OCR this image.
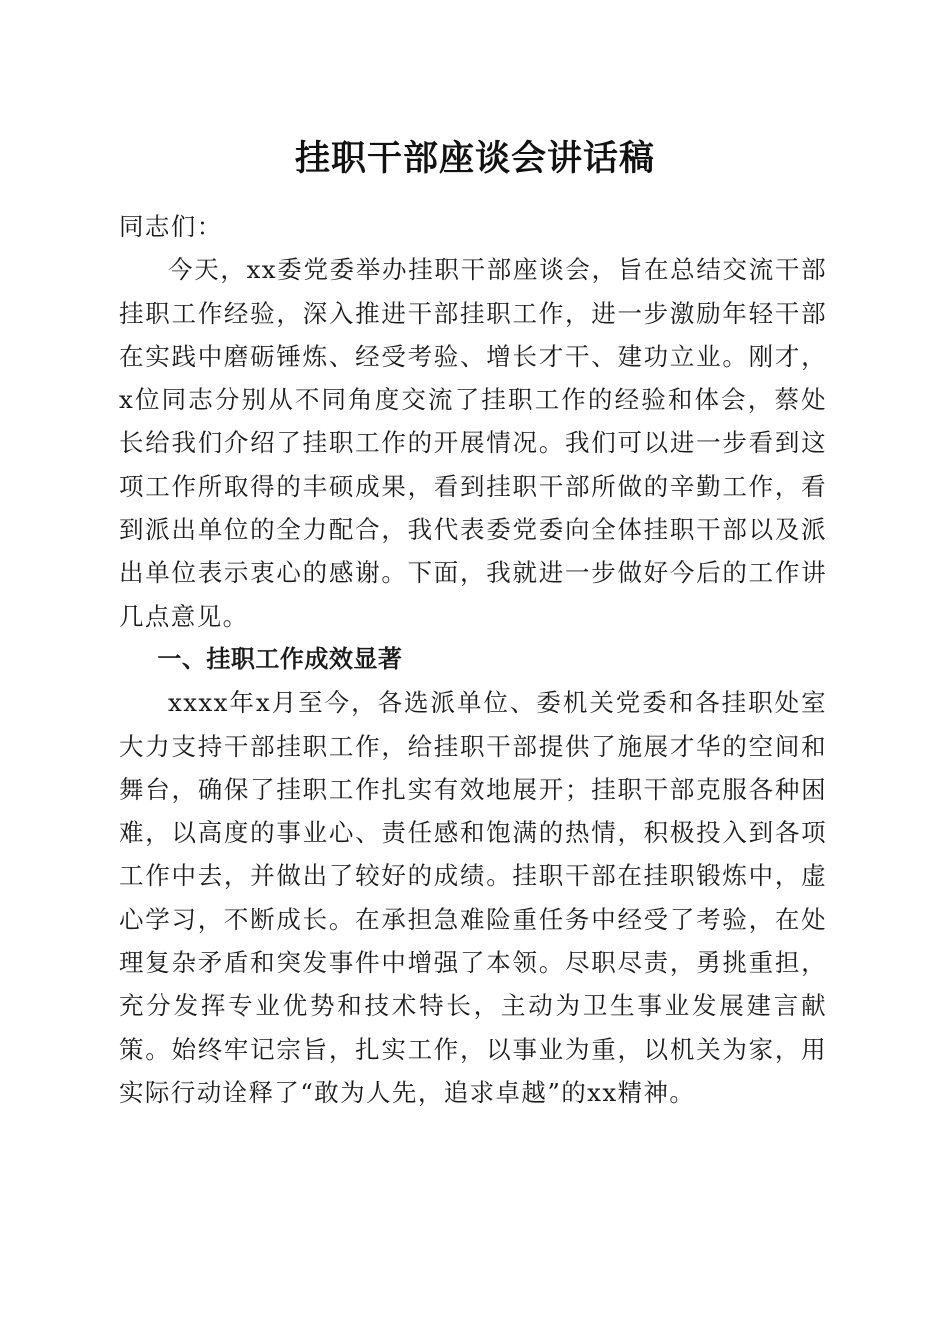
挂职干部座谈会讲话稿

同志们：

今天，xx委党委举办挂职干部座谈会，旨在总结交流干部挂职工作经验，深入推进干部挂职工作，进一步激励年轻干部在实践中磨砺锤炼、经受考验、增长才干、建功立业。刚才，x位同志分别从不同角度交流了挂职工作的经验和体会，蔡处长给我们介绍了挂职工作的开展情况。我们可以进一步看到这项工作所取得的丰硕成果，看到挂职干部所做的辛勤工作，看到派出单位的全力配合，我代表委党委向全体挂职干部以及派出单位表示衷心的感谢。下面，我就进一步做好今后的工作讲几点意见。

一、挂职工作成效显著

xxxx年x月至今，各选派单位、委机关党委和各挂职处室大力支持干部挂职工作，给挂职干部提供了施展才华的空间和舞台，确保了挂职工作扎实有效地展开；挂职干部克服各种困难，以高度的事业心、责任感和饱满的热情，积极投入到各项工作中去，并做出了较好的成绩。挂职干部在挂职锻炼中，虚心学习，不断成长。在承担急难险重任务中经受了考验，在处理复杂矛盾和突发事件中增强了本领。尽职尽责，勇挑重担，充分发挥专业优势和技术特长，主动为卫生事业发展建言献策。始终牢记宗旨，扎实工作，以事业为重，以机关为家，用实际行动诠释了“敢为人先，追求卓越”的xx精神。
